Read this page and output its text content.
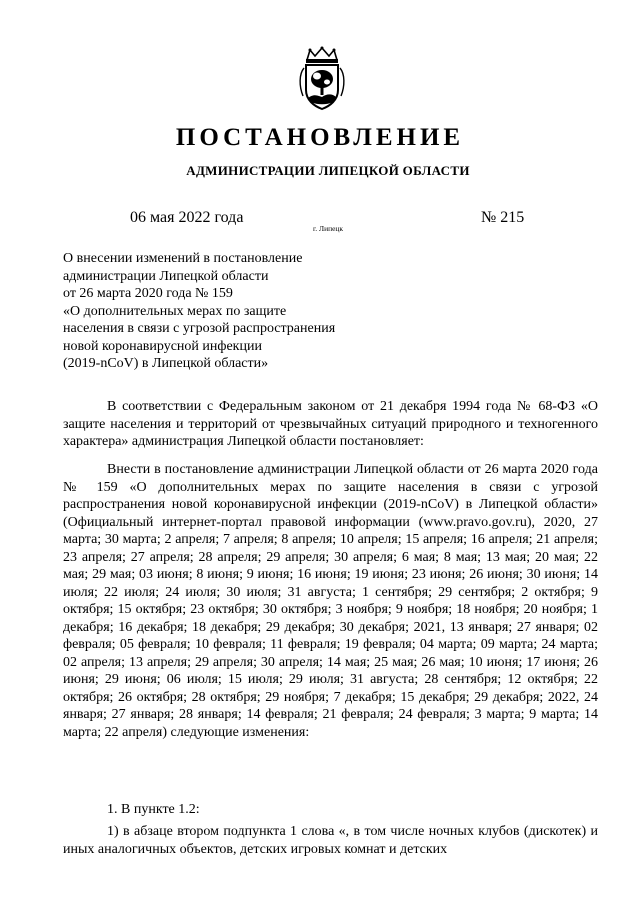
ПОСТАНОВЛЕНИЕ
АДМИНИСТРАЦИИ ЛИПЕЦКОЙ ОБЛАСТИ
06 мая 2022 года
г. Липецк
№ 215
О внесении изменений в постановление
администрации Липецкой области
от 26 марта 2020 года № 159
«О дополнительных мерах по защите
населения в связи с угрозой распространения
новой коронавирусной инфекции
(2019-nCoV) в Липецкой области»
В соответствии с Федеральным законом от 21 декабря 1994 года № 68-ФЗ «О защите населения и территорий от чрезвычайных ситуаций природного и техногенного характера» администрация Липецкой области постановляет:
Внести в постановление администрации Липецкой области от 26 марта 2020 года № 159 «О дополнительных мерах по защите населения в связи с угрозой распространения новой коронавирусной инфекции (2019-nCoV) в Липецкой области» (Официальный интернет-портал правовой информации (www.pravo.gov.ru), 2020, 27 марта; 30 марта; 2 апреля; 7 апреля; 8 апреля; 10 апреля; 15 апреля; 16 апреля; 21 апреля; 23 апреля; 27 апреля; 28 апреля; 29 апреля; 30 апреля; 6 мая; 8 мая; 13 мая; 20 мая; 22 мая; 29 мая; 03 июня; 8 июня; 9 июня; 16 июня; 19 июня; 23 июня; 26 июня; 30 июня; 14 июля; 22 июля; 24 июля; 30 июля; 31 августа; 1 сентября; 29 сентября; 2 октября; 9 октября; 15 октября; 23 октября; 30 октября; 3 ноября; 9 ноября; 18 ноября; 20 ноября; 1 декабря; 16 декабря; 18 декабря; 29 декабря; 30 декабря; 2021, 13 января; 27 января; 02 февраля; 05 февраля; 10 февраля; 11 февраля; 19 февраля; 04 марта; 09 марта; 24 марта; 02 апреля; 13 апреля; 29 апреля; 30 апреля; 14 мая; 25 мая; 26 мая; 10 июня; 17 июня; 26 июня; 29 июня; 06 июля; 15 июля; 29 июля; 31 августа; 28 сентября; 12 октября; 22 октября; 26 октября; 28 октября; 29 ноября; 7 декабря; 15 декабря; 29 декабря; 2022, 24 января; 27 января; 28 января; 14 февраля; 21 февраля; 24 февраля; 3 марта; 9 марта; 14 марта; 22 апреля) следующие изменения:
1. В пункте 1.2:
1) в абзаце втором подпункта 1 слова «, в том числе ночных клубов (дискотек) и иных аналогичных объектов, детских игровых комнат и детских
